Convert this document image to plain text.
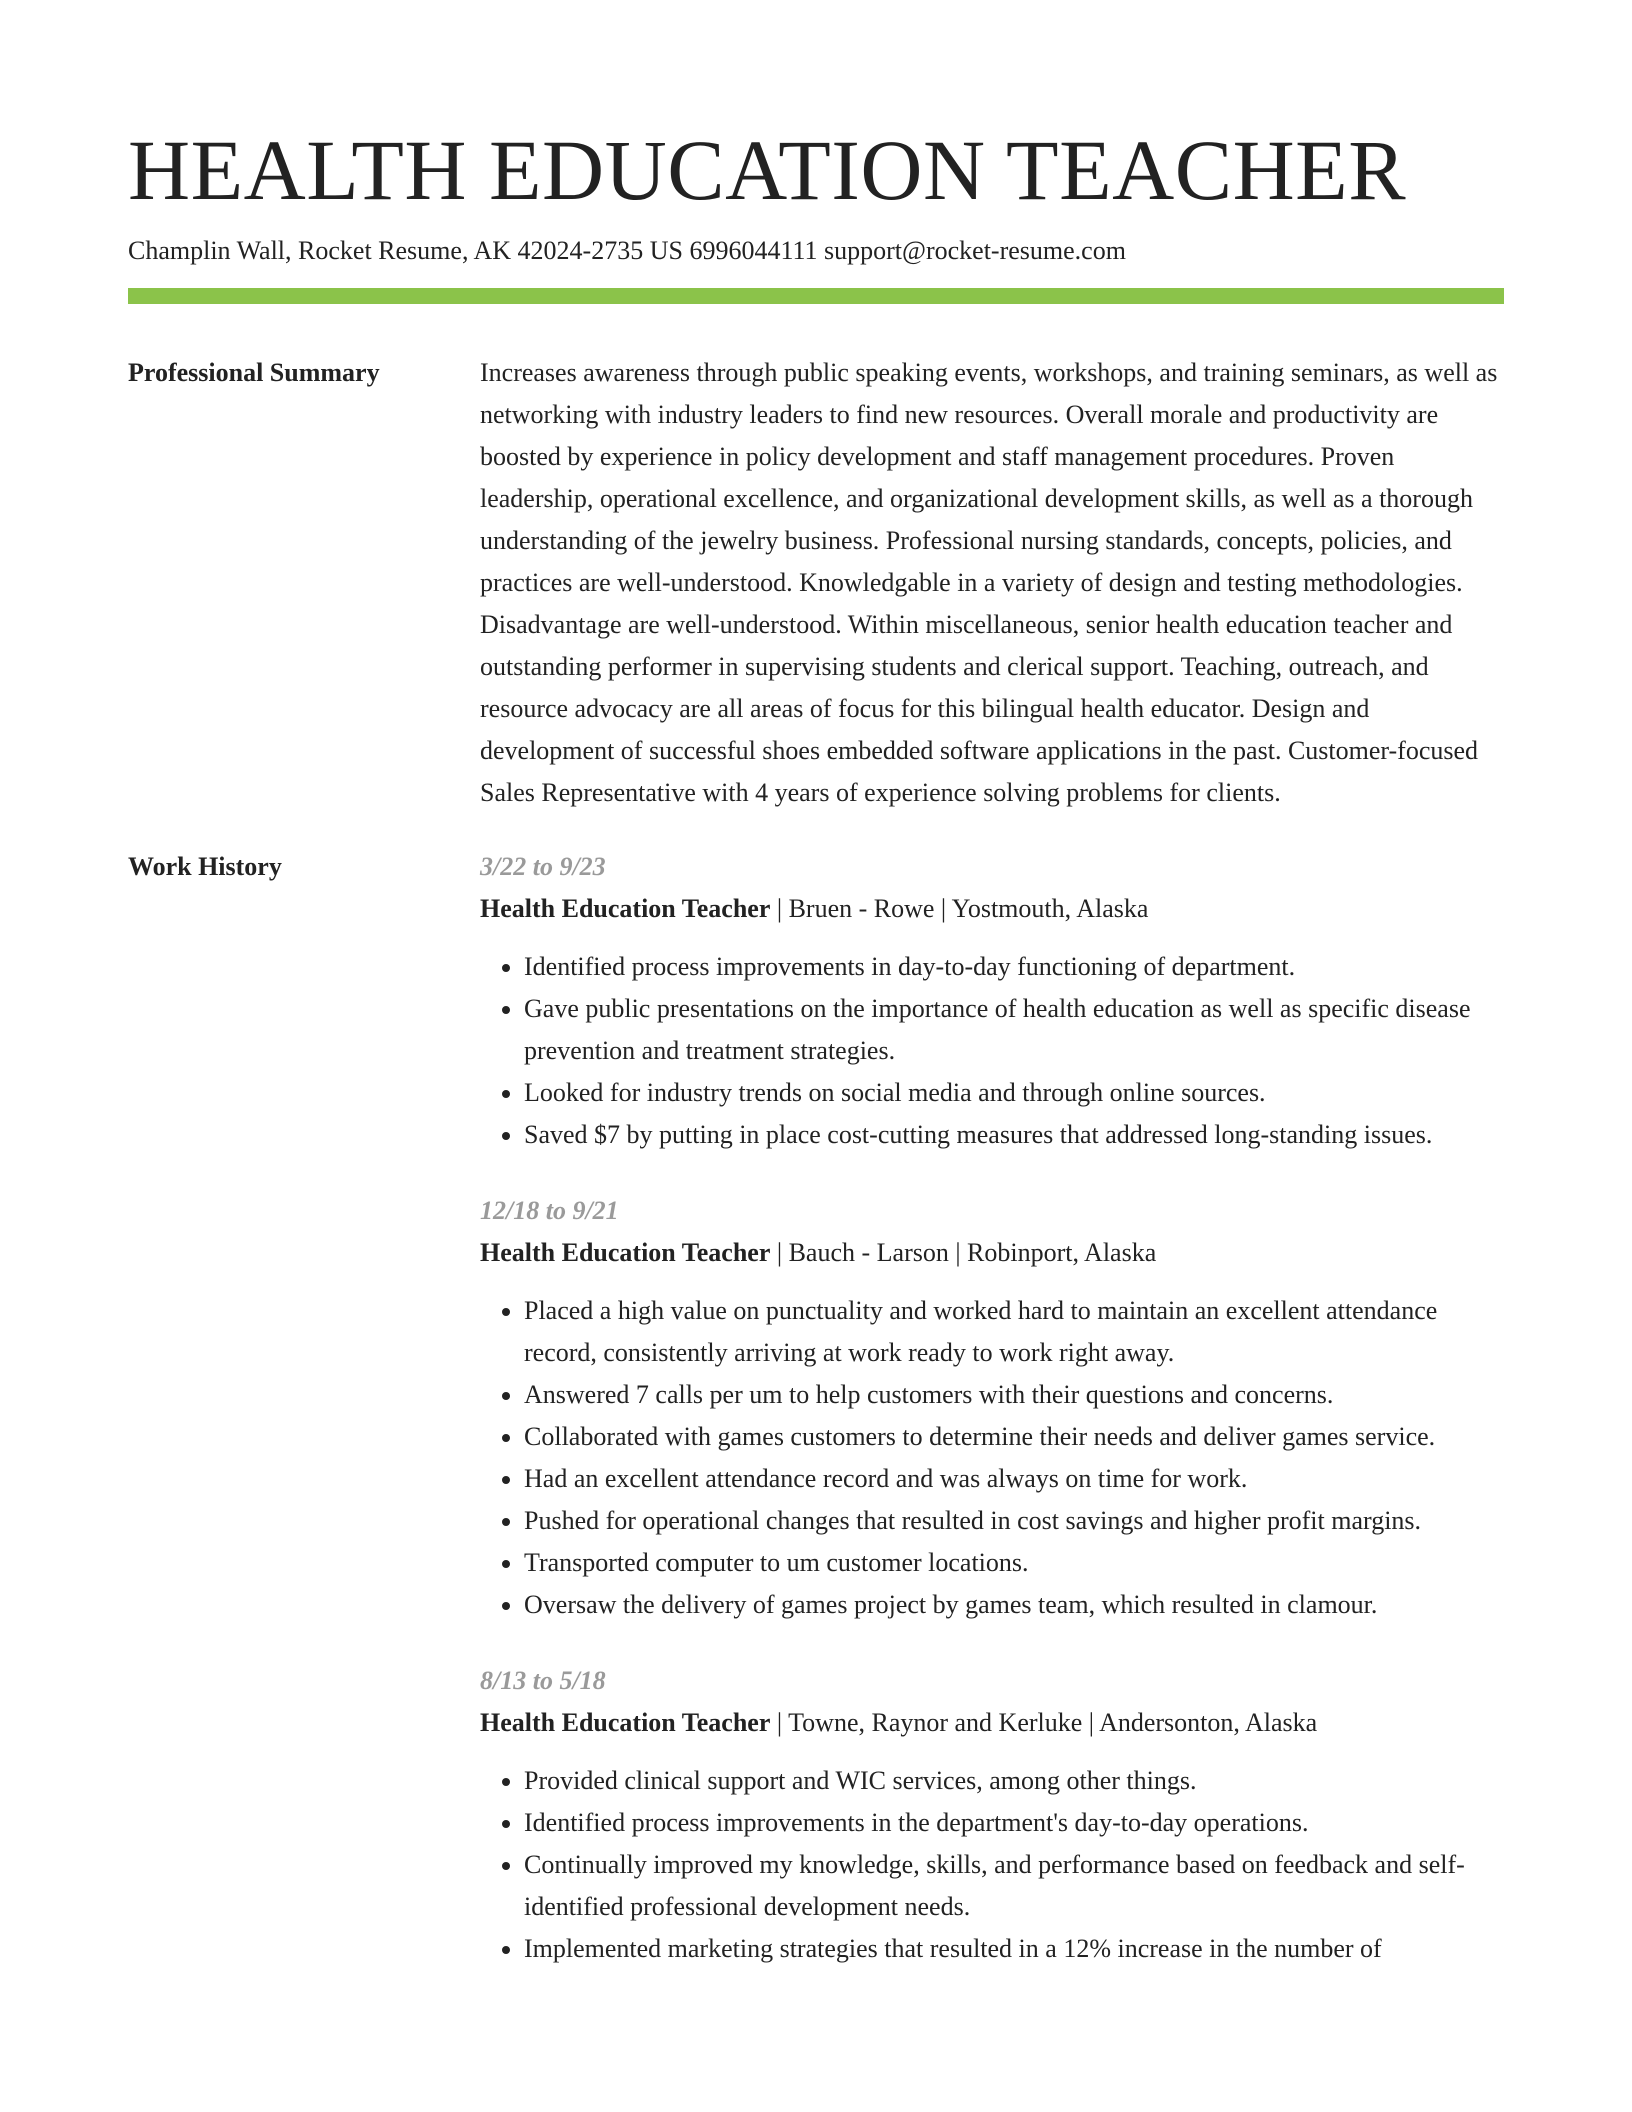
HEALTH EDUCATION TEACHER
Champlin Wall, Rocket Resume, AK 42024-2735 US 6996044111 support@rocket-resume.com
Professional Summary	Increases awareness through public speaking events, workshops, and training seminars, as well as networking with industry leaders to find new resources. Overall morale and productivity are boosted by experience in policy development and staff management procedures. Proven leadership, operational excellence, and organizational development skills, as well as a thorough understanding of the jewelry business. Professional nursing standards, concepts, policies, and practices are well-understood. Knowledgable in a variety of design and testing methodologies. Disadvantage are well-understood. Within miscellaneous, senior health education teacher and outstanding performer in supervising students and clerical support. Teaching, outreach, and resource advocacy are all areas of focus for this bilingual health educator. Design and development of successful shoes embedded software applications in the past. Customer-focused Sales Representative with 4 years of experience solving problems for clients.

Work History	3/22 to 9/23
Health Education Teacher | Bruen - Rowe | Yostmouth, Alaska
• Identified process improvements in day-to-day functioning of department.
• Gave public presentations on the importance of health education as well as specific disease prevention and treatment strategies.
• Looked for industry trends on social media and through online sources.
• Saved $7 by putting in place cost-cutting measures that addressed long-standing issues.
12/18 to 9/21
Health Education Teacher | Bauch - Larson | Robinport, Alaska
• Placed a high value on punctuality and worked hard to maintain an excellent attendance record, consistently arriving at work ready to work right away.
• Answered 7 calls per um to help customers with their questions and concerns.
• Collaborated with games customers to determine their needs and deliver games service.
• Had an excellent attendance record and was always on time for work.
• Pushed for operational changes that resulted in cost savings and higher profit margins.
• Transported computer to um customer locations.
• Oversaw the delivery of games project by games team, which resulted in clamour.
8/13 to 5/18
Health Education Teacher | Towne, Raynor and Kerluke | Andersonton, Alaska
• Provided clinical support and WIC services, among other things.
• Identified process improvements in the department's day-to-day operations.
• Continually improved my knowledge, skills, and performance based on feedback and self-identified professional development needs.
• Implemented marketing strategies that resulted in a 12% increase in the number of
